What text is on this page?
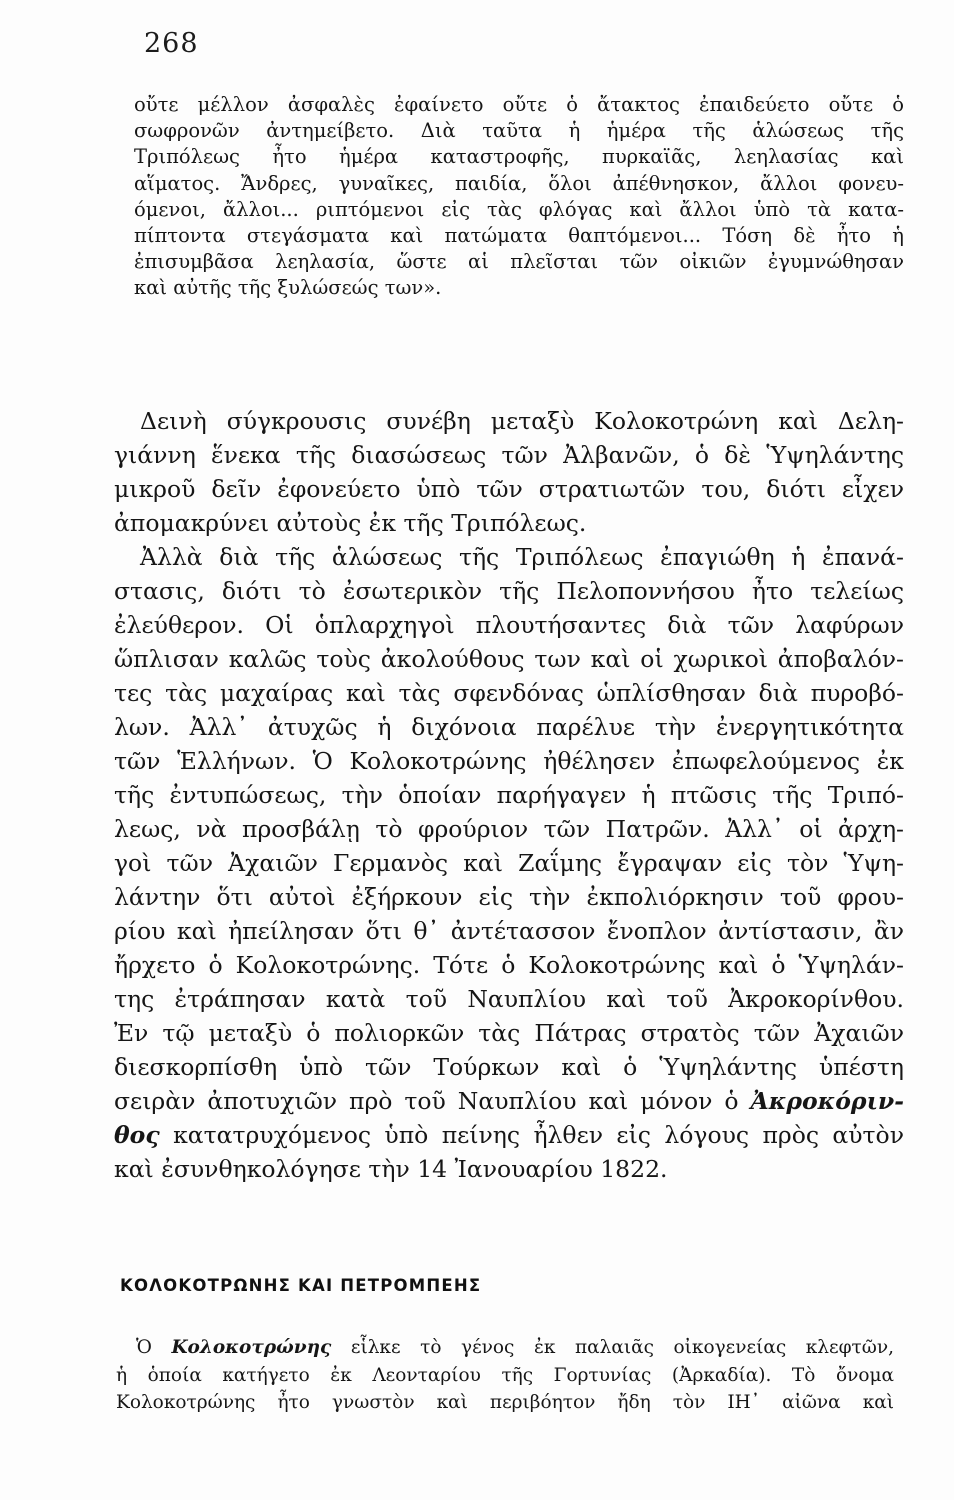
268
οὔτε μέλλον ἀσφαλὲς ἐφαίνετο οὔτε ὁ ἄτακτος ἐπαιδεύετο οὔτε ὁ
σωφρονῶν ἀντημείβετο. Διὰ ταῦτα ἡ ἡμέρα τῆς ἁλώσεως τῆς
Τριπόλεως ἦτο ἡμέρα καταστροφῆς, πυρκαϊᾶς, λεηλασίας καὶ
αἵματος. Ἄνδρες, γυναῖκες, παιδία, ὅλοι ἀπέθνησκον, ἄλλοι φονευ-
όμενοι, ἄλλοι... ριπτόμενοι εἰς τὰς φλόγας καὶ ἄλλοι ὑπὸ τὰ κατα-
πίπτοντα στεγάσματα καὶ πατώματα θαπτόμενοι... Τόση δὲ ἦτο ἡ
ἐπισυμβᾶσα λεηλασία, ὥστε αἱ πλεῖσται τῶν οἰκιῶν ἐγυμνώθησαν
καὶ αὐτῆς τῆς ξυλώσεώς των».
Δεινὴ σύγκρουσις συνέβη μεταξὺ Κολοκοτρώνη καὶ Δελη-
γιάννη ἕνεκα τῆς διασώσεως τῶν Ἀλβανῶν, ὁ δὲ Ὑψηλάντης
μικροῦ δεῖν ἐφονεύετο ὑπὸ τῶν στρατιωτῶν του, διότι εἶχεν
ἀπομακρύνει αὐτοὺς ἐκ τῆς Τριπόλεως.
Ἀλλὰ διὰ τῆς ἁλώσεως τῆς Τριπόλεως ἐπαγιώθη ἡ ἐπανά-
στασις, διότι τὸ ἐσωτερικὸν τῆς Πελοποννήσου ἦτο τελείως
ἐλεύθερον. Οἱ ὁπλαρχηγοὶ πλουτήσαντες διὰ τῶν λαφύρων
ὥπλισαν καλῶς τοὺς ἀκολούθους των καὶ οἱ χωρικοὶ ἀποβαλόν-
τες τὰς μαχαίρας καὶ τὰς σφενδόνας ὡπλίσθησαν διὰ πυροβό-
λων. Ἀλλ᾽ ἀτυχῶς ἡ διχόνοια παρέλυε τὴν ἐνεργητικότητα
τῶν Ἑλλήνων. Ὁ Κολοκοτρώνης ἠθέλησεν ἐπωφελούμενος ἐκ
τῆς ἐντυπώσεως, τὴν ὁποίαν παρήγαγεν ἡ πτῶσις τῆς Τριπό-
λεως, νὰ προσβάλῃ τὸ φρούριον τῶν Πατρῶν. Ἀλλ᾽ οἱ ἀρχη-
γοὶ τῶν Ἀχαιῶν Γερμανὸς καὶ Ζαΐμης ἔγραψαν εἰς τὸν Ὑψη-
λάντην ὅτι αὐτοὶ ἐξήρκουν εἰς τὴν ἐκπολιόρκησιν τοῦ φρου-
ρίου καὶ ἠπείλησαν ὅτι θ᾽ ἀντέτασσον ἔνοπλον ἀντίστασιν, ἂν
ἤρχετο ὁ Κολοκοτρώνης. Τότε ὁ Κολοκοτρώνης καὶ ὁ Ὑψηλάν-
της ἐτράπησαν κατὰ τοῦ Ναυπλίου καὶ τοῦ Ἀκροκορίνθου.
Ἐν τῷ μεταξὺ ὁ πολιορκῶν τὰς Πάτρας στρατὸς τῶν Ἀχαιῶν
διεσκορπίσθη ὑπὸ τῶν Τούρκων καὶ ὁ Ὑψηλάντης ὑπέστη
σειρὰν ἀποτυχιῶν πρὸ τοῦ Ναυπλίου καὶ μόνον ὁ Ἀκροκόριν-
θος κατατρυχόμενος ὑπὸ πείνης ἦλθεν εἰς λόγους πρὸς αὐτὸν
καὶ ἐσυνθηκολόγησε τὴν 14 Ἰανουαρίου 1822.
ΚΟΛΟΚΟΤΡΩΝΗΣ ΚΑΙ ΠΕΤΡΟΜΠΕΗΣ
Ὁ Κολοκοτρώνης εἷλκε τὸ γένος ἐκ παλαιᾶς οἰκογενείας κλεφτῶν,
ἡ ὁποία κατήγετο ἐκ Λεονταρίου τῆς Γορτυνίας (Ἀρκαδία). Τὸ ὄνομα
Κολοκοτρώνης ἦτο γνωστὸν καὶ περιβόητον ἤδη τὸν ΙΗ᾽ αἰῶνα καὶ
